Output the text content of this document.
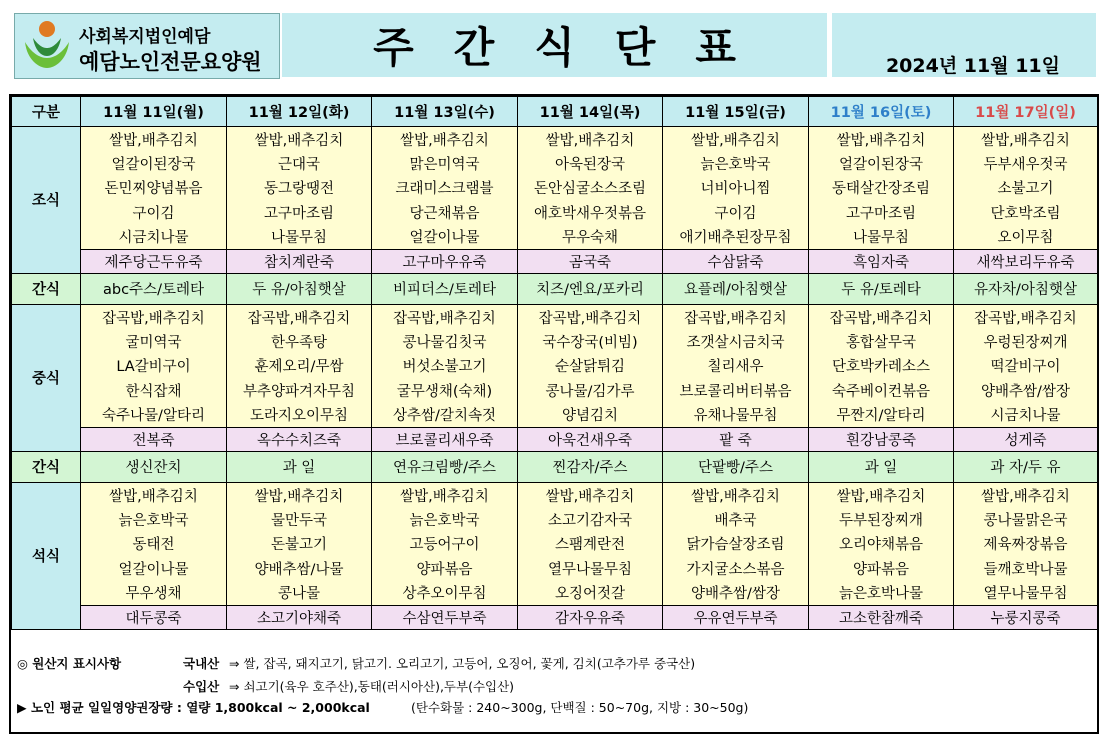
사회복지법인예담
예담노인전문요양원	주간식단표	2024년 11월 11일
구분	11월 11일(월)	11월 12일(화)	11월 13일(수)	11월 14일(목)	11월 15일(금)	11월 16일(토)	11월 17일(일)
조식	쌀밥,배추김치	쌀밥,배추김치	쌀밥,배추김치	쌀밥,배추김치	쌀밥,배추김치	쌀밥,배추김치	쌀밥,배추김치
	얼갈이된장국	근대국	맑은미역국	아욱된장국	늙은호박국	얼갈이된장국	두부새우젓국
	돈민찌양념볶음	동그랑땡전	크래미스크램블	돈안심굴소스조림	너비아니찜	동태살간장조림	소불고기
	구이김	고구마조림	당근채볶음	애호박새우젓볶음	구이김	고구마조림	단호박조림
	시금치나물	나물무침	얼갈이나물	무우숙채	애기배추된장무침	나물무침	오이무침
	제주당근두유죽	참치계란죽	고구마우유죽	곰국죽	수삼닭죽	흑임자죽	새싹보리두유죽
간식	abc주스/토레타	두 유/아침햇살	비피더스/토레타	치즈/엔요/포카리	요플레/아침햇살	두 유/토레타	유자차/아침햇살
중식	잡곡밥,배추김치	잡곡밥,배추김치	잡곡밥,배추김치	잡곡밥,배추김치	잡곡밥,배추김치	잡곡밥,배추김치	잡곡밥,배추김치
	굴미역국	한우족탕	콩나물김칫국	국수장국(비빔)	조갯살시금치국	홍합살무국	우렁된장찌개
	LA갈비구이	훈제오리/무쌈	버섯소불고기	순살닭튀김	칠리새우	단호박카레소스	떡갈비구이
	한식잡채	부추양파겨자무침	굴무생채(숙채)	콩나물/김가루	브로콜리버터볶음	숙주베이컨볶음	양배추쌈/쌈장
	숙주나물/알타리	도라지오이무침	상추쌈/갈치속젓	양념김치	유채나물무침	무짠지/알타리	시금치나물
	전복죽	옥수수치즈죽	브로콜리새우죽	아욱건새우죽	팥 죽	흰강남콩죽	성게죽
간식	생신잔치	과 일	연유크림빵/주스	찐감자/주스	단팥빵/주스	과 일	과 자/두 유
석식	쌀밥,배추김치	쌀밥,배추김치	쌀밥,배추김치	쌀밥,배추김치	쌀밥,배추김치	쌀밥,배추김치	쌀밥,배추김치
	늙은호박국	물만두국	늙은호박국	소고기감자국	배추국	두부된장찌개	콩나물맑은국
	동태전	돈불고기	고등어구이	스팸계란전	닭가슴살장조림	오리야채볶음	제육짜장볶음
	얼갈이나물	양배추쌈/나물	양파볶음	열무나물무침	가지굴소스볶음	양파볶음	들깨호박나물
	무우생채	콩나물	상추오이무침	오징어젓갈	양배추쌈/쌈장	늙은호박나물	열무나물무침
	대두콩죽	소고기야채죽	수삼연두부죽	감자우유죽	우유연두부죽	고소한참깨죽	누룽지콩죽
◎ 원산지 표시사항	국내산 ⇒ 쌀, 잡곡, 돼지고기, 닭고기. 오리고기, 고등어, 오징어, 꽃게, 김치(고추가루 중국산)
수입산 ⇒ 쇠고기(육우 호주산),동태(러시아산),두부(수입산)
▶ 노인 평균 일일영양권장량 : 열량 1,800kcal ~ 2,000kcal	(탄수화물 : 240~300g, 단백질 : 50~70g, 지방 : 30~50g)
